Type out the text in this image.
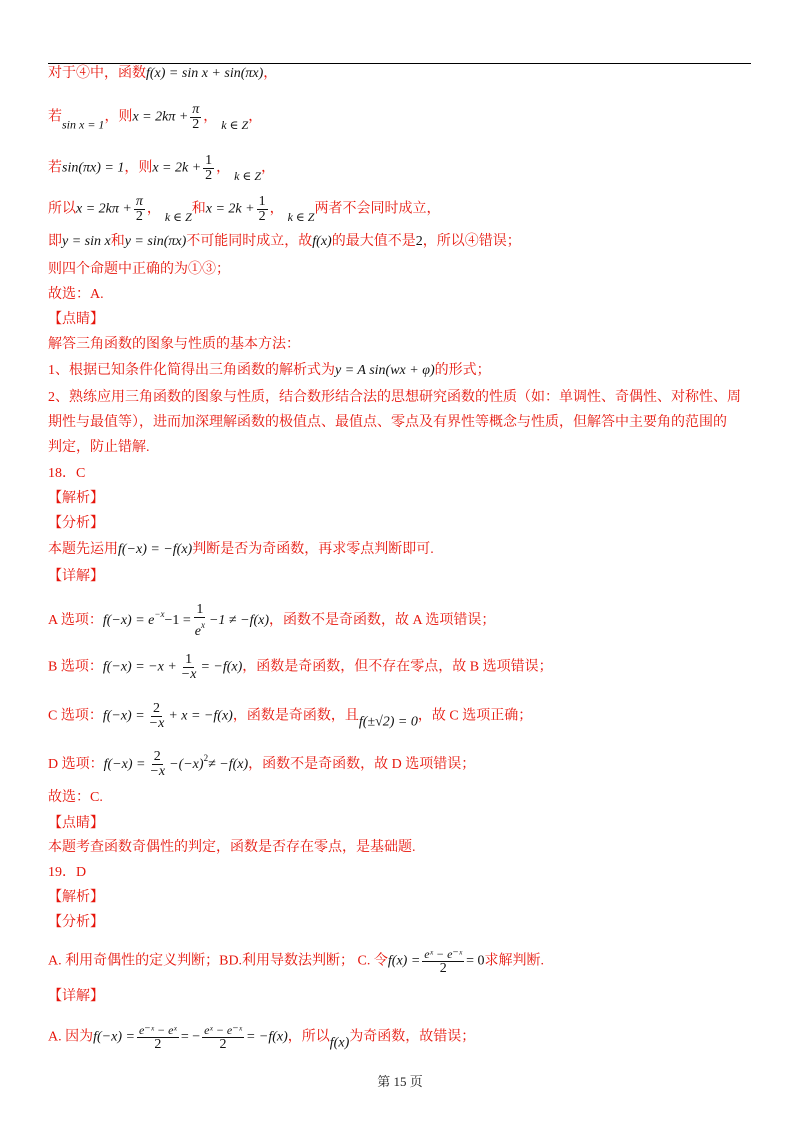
对于④中，函数f(x) = sin x + sin(πx)，
若sin x = 1，则$x = 2k\pi + \frac{\pi}{2}$ ， k ∈ Z，
若sin(πx) = 1，则$x = 2k + \frac{1}{2}$ ， k ∈ Z，
所以$x = 2k\pi + \frac{\pi}{2}$ ， k ∈ Z和$x = 2k + \frac{1}{2}$ ， k ∈ Z两者不会同时成立，
即y = sin x和y = sin(πx)不可能同时成立，故f(x)的最大值不是2，所以④错误；
则四个命题中正确的为①③；
故选：A.
【点睛】
解答三角函数的图象与性质的基本方法：
1、根据已知条件化简得出三角函数的解析式为y = A sin(wx + φ)的形式；
2、熟练应用三角函数的图象与性质，结合数形结合法的思想研究函数的性质（如：单调性、奇偶性、对称性、周
期性与最值等），进而加深理解函数的极值点、最值点、零点及有界性等概念与性质，但解答中主要角的范围的
判定，防止错解.
18．C
【解析】
【分析】
本题先运用f(−x) = −f(x)判断是否为奇函数，再求零点判断即可.
【详解】
A 选项：$f(-x) = e^{-x}-1 = \frac{1}{e^x} -1 \ne -f(x)$，函数不是奇函数，故 A 选项错误；
B 选项：$f(-x) = -x + \frac{1}{-x} = -f(x)$，函数是奇函数，但不存在零点，故 B 选项错误；
C 选项：$f(-x) = \frac{2}{-x} + x = -f(x)$，函数是奇函数，且f(±√2) = 0，故 C 选项正确；
D 选项：$f(-x) = \frac{2}{-x} -(-x)^2\ne -f(x)$，函数不是奇函数，故 D 选项错误；
故选：C.
【点睛】
本题考查函数奇偶性的判定，函数是否存在零点，是基础题.
19．D
【解析】
【分析】
A. 利用奇偶性的定义判断；BD.利用导数法判断； C. 令$f(x) = \frac{\text{eˣ − e⁻ˣ}}{2} = 0$求解判断.
【详解】
A. 因为$f(-x) = \frac{\text{e⁻ˣ − eˣ}}{2}$ = − $\frac{\text{eˣ − e⁻ˣ}}{2} = -f(x)$，所以f(x)为奇函数，故错误；
第 15 页
